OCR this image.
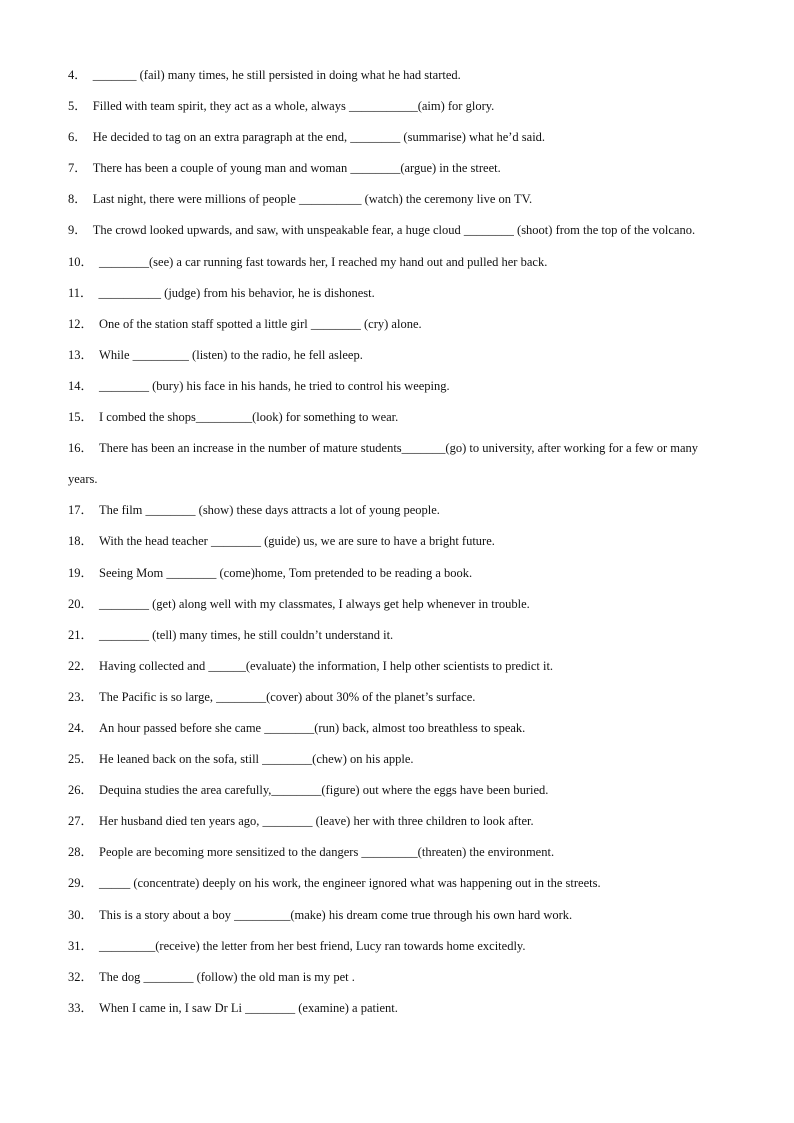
4． _______ (fail) many times, he still persisted in doing what he had started.

5． Filled with team spirit, they act as a whole, always ___________(aim) for glory.

6． He decided to tag on an extra paragraph at the end, ________ (summarise) what he’d said.

7． There has been a couple of young man and woman ________(argue) in the street.

8． Last night, there were millions of people __________ (watch) the ceremony live on TV.

9． The crowd looked upwards, and saw, with unspeakable fear, a huge cloud ________ (shoot) from the top of the volcano.

10． ________(see) a car running fast towards her, I reached my hand out and pulled her back.

11． __________ (judge) from his behavior, he is dishonest.

12． One of the station staff spotted a little girl ________ (cry) alone.

13． While _________ (listen) to the radio, he fell asleep.

14． ________ (bury) his face in his hands, he tried to control his weeping.

15． I combed the shops_________(look) for something to wear.

16． There has been an increase in the number of mature students_______(go) to university, after working for a few or many years.

17． The film ________ (show) these days attracts a lot of young people.

18． With the head teacher ________ (guide) us, we are sure to have a bright future.

19． Seeing Mom ________ (come)home, Tom pretended to be reading a book.

20． ________ (get) along well with my classmates, I always get help whenever in trouble.

21． ________ (tell) many times, he still couldn’t understand it.

22． Having collected and ______(evaluate) the information, I help other scientists to predict it.

23． The Pacific is so large, ________(cover) about 30% of the planet’s surface.

24． An hour passed before she came ________(run) back, almost too breathless to speak.

25． He leaned back on the sofa, still ________(chew) on his apple.

26． Dequina studies the area carefully,________(figure) out where the eggs have been buried.

27． Her husband died ten years ago, ________ (leave) her with three children to look after.

28． People are becoming more sensitized to the dangers _________(threaten) the environment.

29． _____ (concentrate) deeply on his work, the engineer ignored what was happening out in the streets.

30． This is a story about a boy _________(make) his dream come true through his own hard work.

31． _________(receive) the letter from her best friend, Lucy ran towards home excitedly.

32． The dog ________ (follow) the old man is my pet .

33． When I came in, I saw Dr Li ________ (examine) a patient.
